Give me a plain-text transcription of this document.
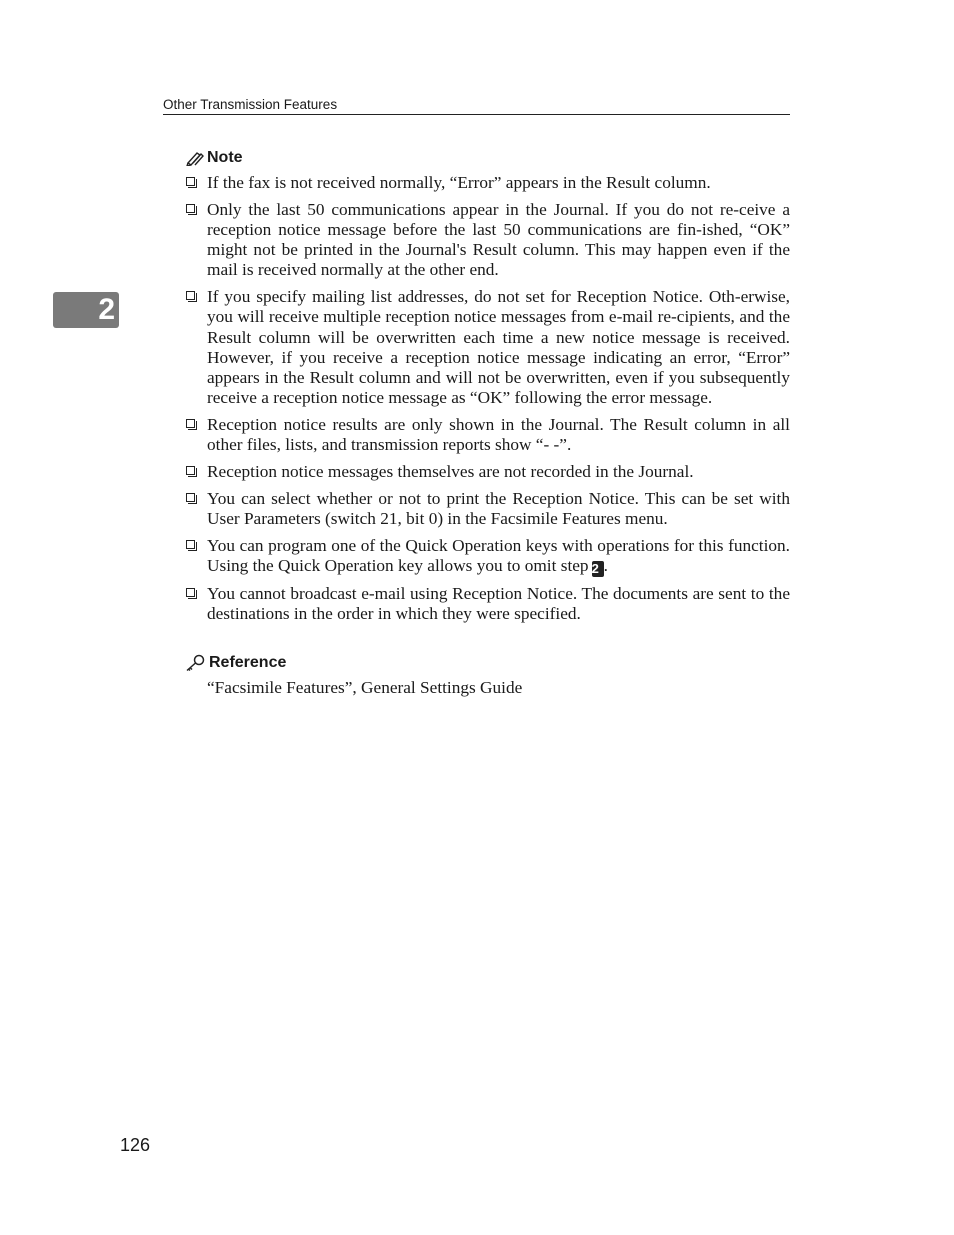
Other Transmission Features
2
Note
If the fax is not received normally, “Error” appears in the Result column.
Only the last 50 communications appear in the Journal. If you do not re-ceive a reception notice message before the last 50 communications are fin-ished, “OK” might not be printed in the Journal's Result column. This may happen even if the mail is received normally at the other end.
If you specify mailing list addresses, do not set for Reception Notice. Oth-erwise, you will receive multiple reception notice messages from e-mail re-cipients, and the Result column will be overwritten each time a new notice message is received. However, if you receive a reception notice message indicating an error, “Error” appears in the Result column and will not be overwritten, even if you subsequently receive a reception notice message as “OK” following the error message.
Reception notice results are only shown in the Journal. The Result column in all other files, lists, and transmission reports show “- -”.
Reception notice messages themselves are not recorded in the Journal.
You can select whether or not to print the Reception Notice. This can be set with User Parameters (switch 21, bit 0) in the Facsimile Features menu.
You can program one of the Quick Operation keys with operations for this function. Using the Quick Operation key allows you to omit step 2 .
You cannot broadcast e-mail using Reception Notice. The documents are sent to the destinations in the order in which they were specified.
Reference
“Facsimile Features”, General Settings Guide
126
